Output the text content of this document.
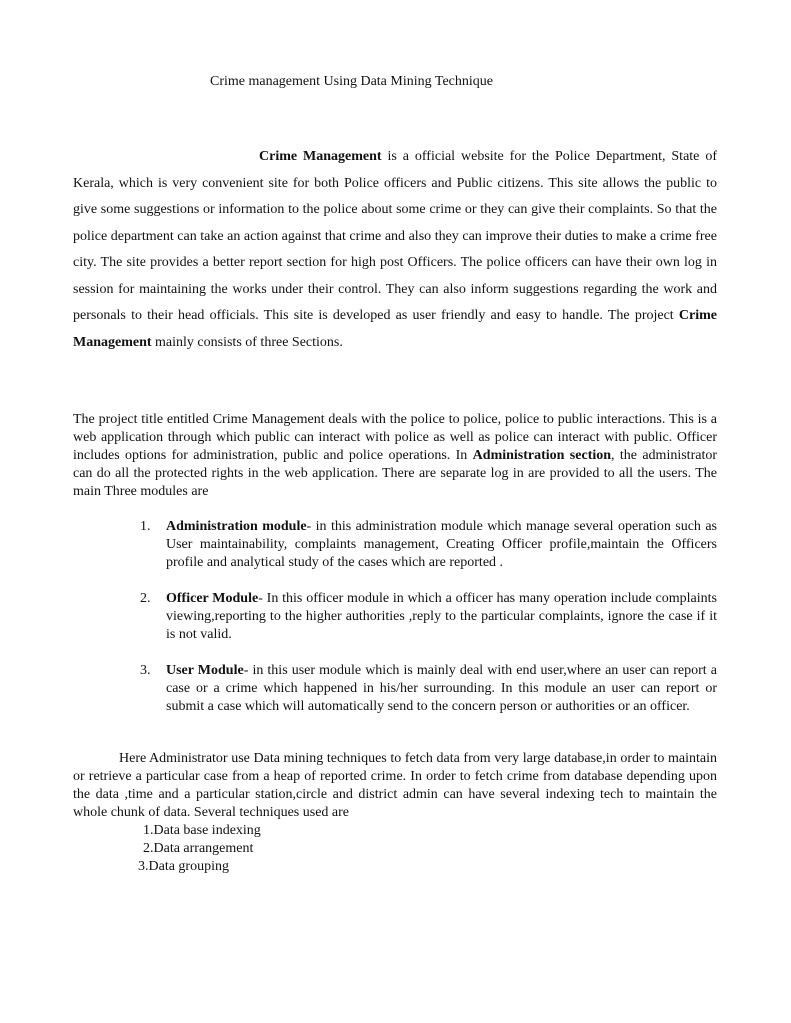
Crime management Using Data Mining Technique
Crime Management is a official website for the Police Department, State of Kerala, which is very convenient site for both Police officers and Public citizens. This site allows the public to give some suggestions or information to the police about some crime or they can give their complaints. So that the police department can take an action against that crime and also they can improve their duties to make a crime free city. The site provides a better report section for high post Officers. The police officers can have their own log in session for maintaining the works under their control. They can also inform suggestions regarding the work and personals to their head officials. This site is developed as user friendly and easy to handle. The project Crime Management mainly consists of three Sections.
The project title entitled Crime Management deals with the police to police, police to public interactions. This is a web application through which public can interact with police as well as police can interact with public. Officer includes options for administration, public and police operations. In Administration section, the administrator can do all the protected rights in the web application. There are separate log in are provided to all the users. The main Three modules are
1. Administration module- in this administration module which manage several operation such as User maintainability, complaints management, Creating Officer profile,maintain the Officers profile and analytical study of the cases which are reported .
2. Officer Module- In this officer module in which a officer has many operation include complaints viewing,reporting to the higher authorities ,reply to the particular complaints, ignore the case if it is not valid.
3. User Module- in this user module which is mainly deal with end user,where an user can report a case or a crime which happened in his/her surrounding. In this module an user can report or submit a case which will automatically send to the concern person or authorities or an officer.
Here Administrator use Data mining techniques to fetch data from very large database,in order to maintain or retrieve a particular case from a heap of reported crime. In order to fetch crime from database depending upon the data ,time and a particular station,circle and district admin can have several indexing tech to maintain the whole chunk of data. Several techniques used are
1.Data base indexing
2.Data arrangement
3.Data grouping
